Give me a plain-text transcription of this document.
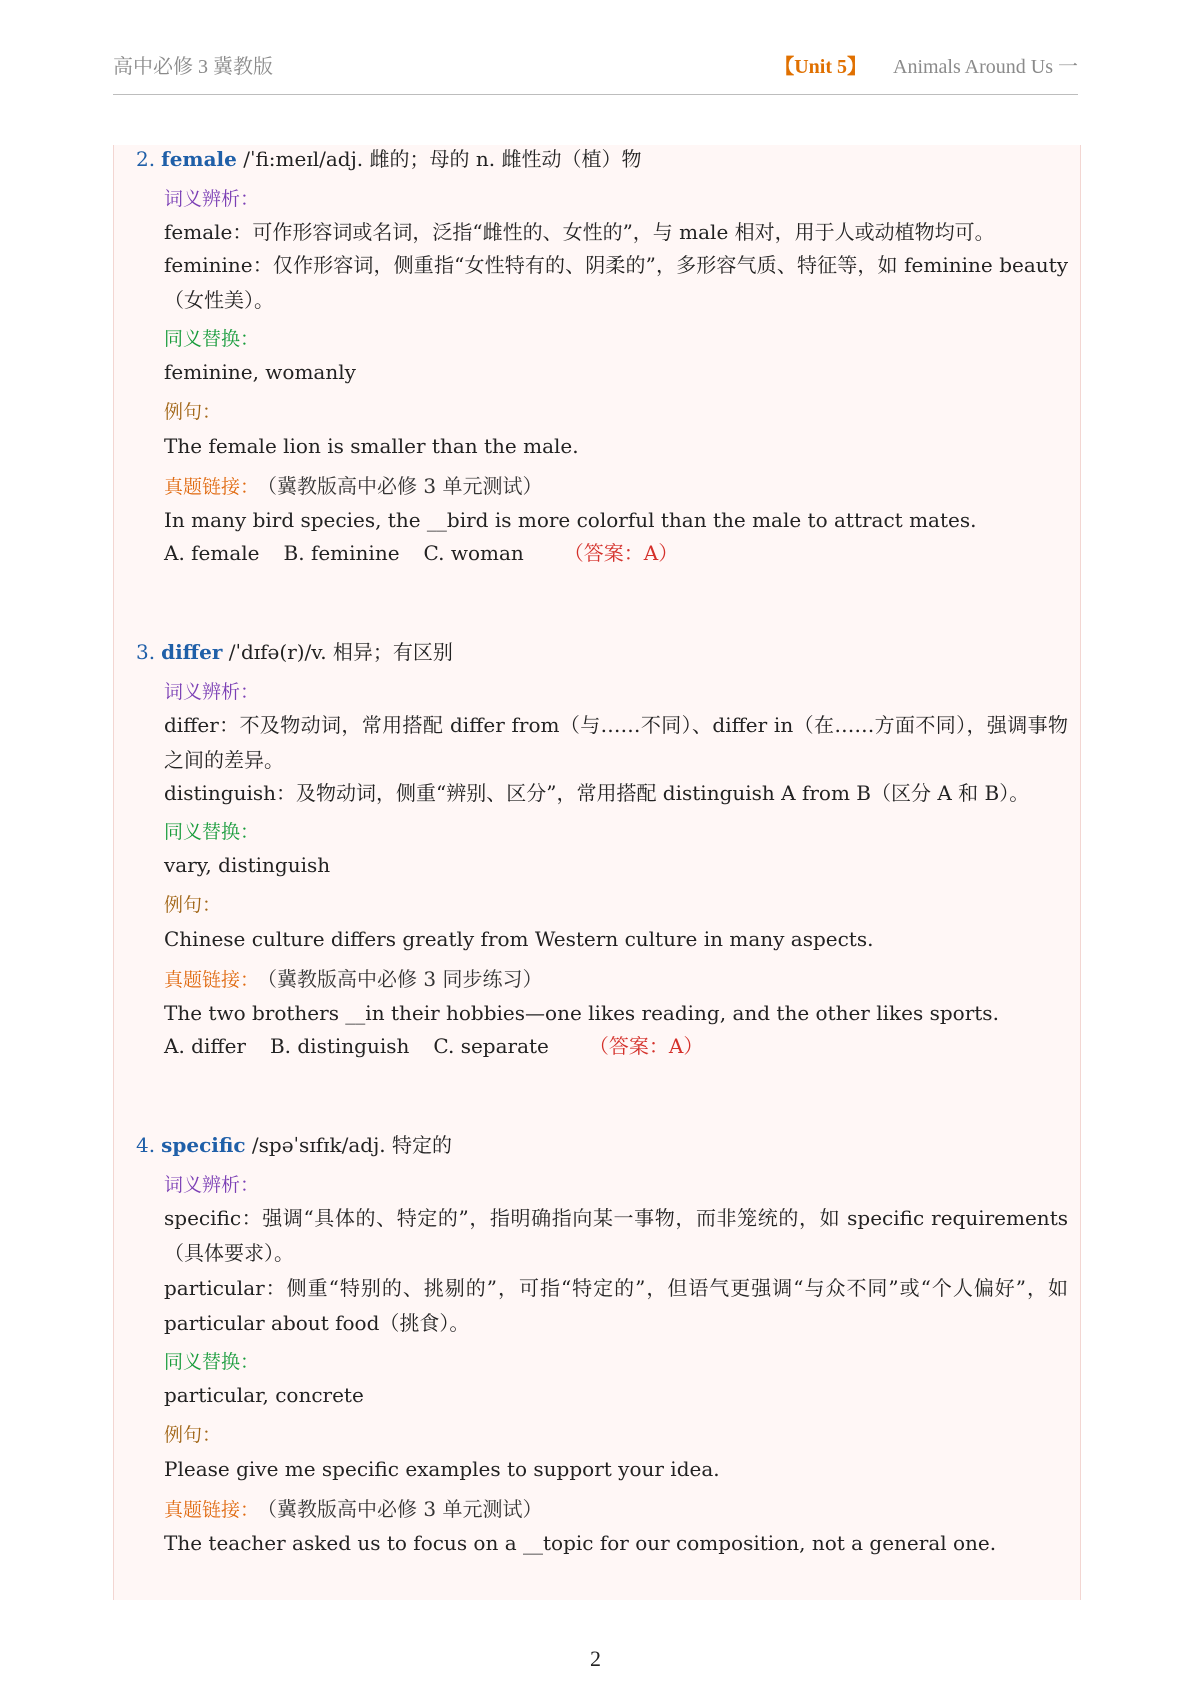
高中必修 3 冀教版	【Unit 5】 Animals Around Us 一
2. female /ˈfi:meɪl/adj. 雌的；母的 n. 雌性动（植）物
词义辨析：
female：可作形容词或名词，泛指“雌性的、女性的”，与 male 相对，用于人或动植物均可。
feminine：仅作形容词，侧重指“女性特有的、阴柔的”，多形容气质、特征等，如 feminine beauty（女性美）。
同义替换：
feminine, womanly
例句：
The female lion is smaller than the male.
真题链接： （冀教版高中必修 3 单元测试）
In many bird species, the __bird is more colorful than the male to attract mates.
A. female B. feminine C. woman （答案：A）
3. differ /ˈdɪfə(r)/v. 相异；有区别
词义辨析：
differ：不及物动词，常用搭配 differ from（与……不同）、differ in（在……方面不同），强调事物之间的差异。
distinguish：及物动词，侧重“辨别、区分”，常用搭配 distinguish A from B（区分 A 和 B）。
同义替换：
vary, distinguish
例句：
Chinese culture differs greatly from Western culture in many aspects.
真题链接： （冀教版高中必修 3 同步练习）
The two brothers __in their hobbies—one likes reading, and the other likes sports.
A. differ B. distinguish C. separate （答案：A）
4. specific /spəˈsɪfɪk/adj. 特定的
词义辨析：
specific：强调“具体的、特定的”，指明确指向某一事物，而非笼统的，如 specific requirements（具体要求）。
particular：侧重“特别的、挑剔的”，可指“特定的”，但语气更强调“与众不同”或“个人偏好”，如 particular about food（挑食）。
同义替换：
particular, concrete
例句：
Please give me specific examples to support your idea.
真题链接： （冀教版高中必修 3 单元测试）
The teacher asked us to focus on a __topic for our composition, not a general one.
2
